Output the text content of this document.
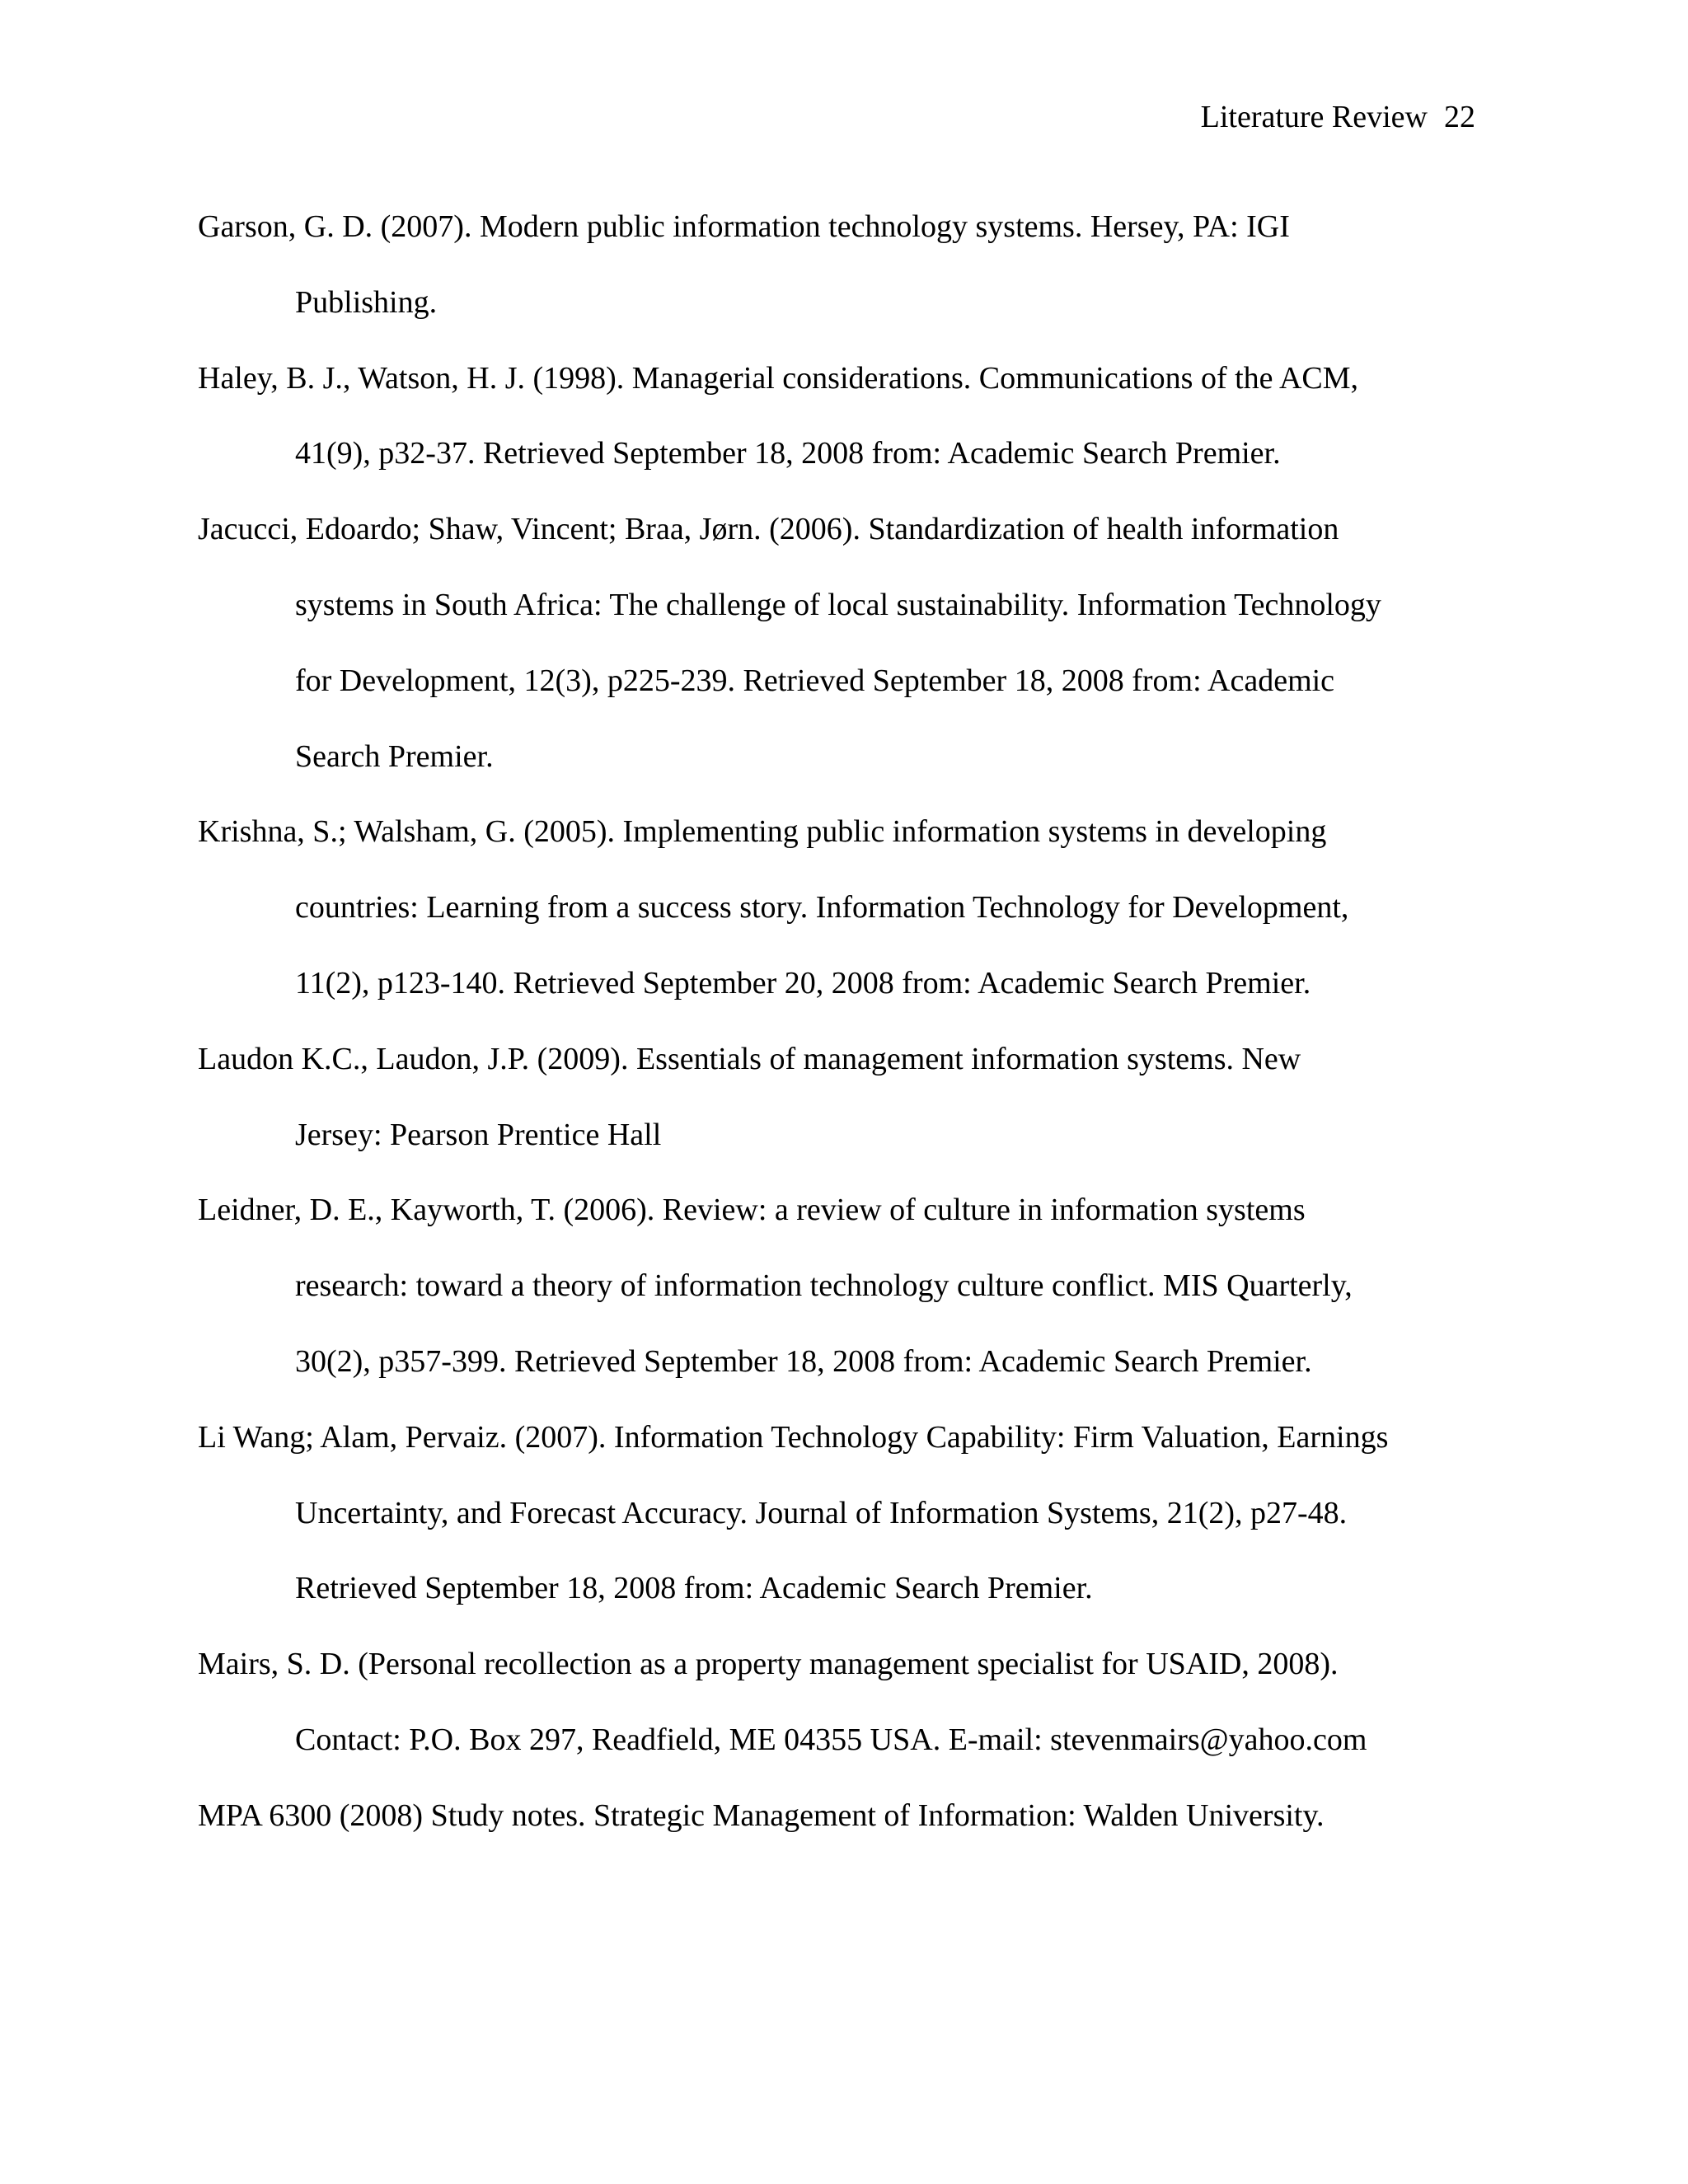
Literature Review 22
Garson, G. D. (2007). Modern public information technology systems. Hersey, PA: IGI
Publishing.
Haley, B. J., Watson, H. J. (1998). Managerial considerations. Communications of the ACM,
41(9), p32-37. Retrieved September 18, 2008 from: Academic Search Premier.
Jacucci, Edoardo; Shaw, Vincent; Braa, Jørn. (2006). Standardization of health information
systems in South Africa: The challenge of local sustainability. Information Technology
for Development, 12(3), p225-239. Retrieved September 18, 2008 from: Academic
Search Premier.
Krishna, S.; Walsham, G. (2005). Implementing public information systems in developing
countries: Learning from a success story. Information Technology for Development,
11(2), p123-140. Retrieved September 20, 2008 from: Academic Search Premier.
Laudon K.C., Laudon, J.P. (2009). Essentials of management information systems. New
Jersey: Pearson Prentice Hall
Leidner, D. E., Kayworth, T. (2006). Review: a review of culture in information systems
research: toward a theory of information technology culture conflict. MIS Quarterly,
30(2), p357-399. Retrieved September 18, 2008 from: Academic Search Premier.
Li Wang; Alam, Pervaiz. (2007). Information Technology Capability: Firm Valuation, Earnings
Uncertainty, and Forecast Accuracy. Journal of Information Systems, 21(2), p27-48.
Retrieved September 18, 2008 from: Academic Search Premier.
Mairs, S. D. (Personal recollection as a property management specialist for USAID, 2008).
Contact: P.O. Box 297, Readfield, ME 04355 USA. E-mail: stevenmairs@yahoo.com
MPA 6300 (2008) Study notes. Strategic Management of Information: Walden University.
